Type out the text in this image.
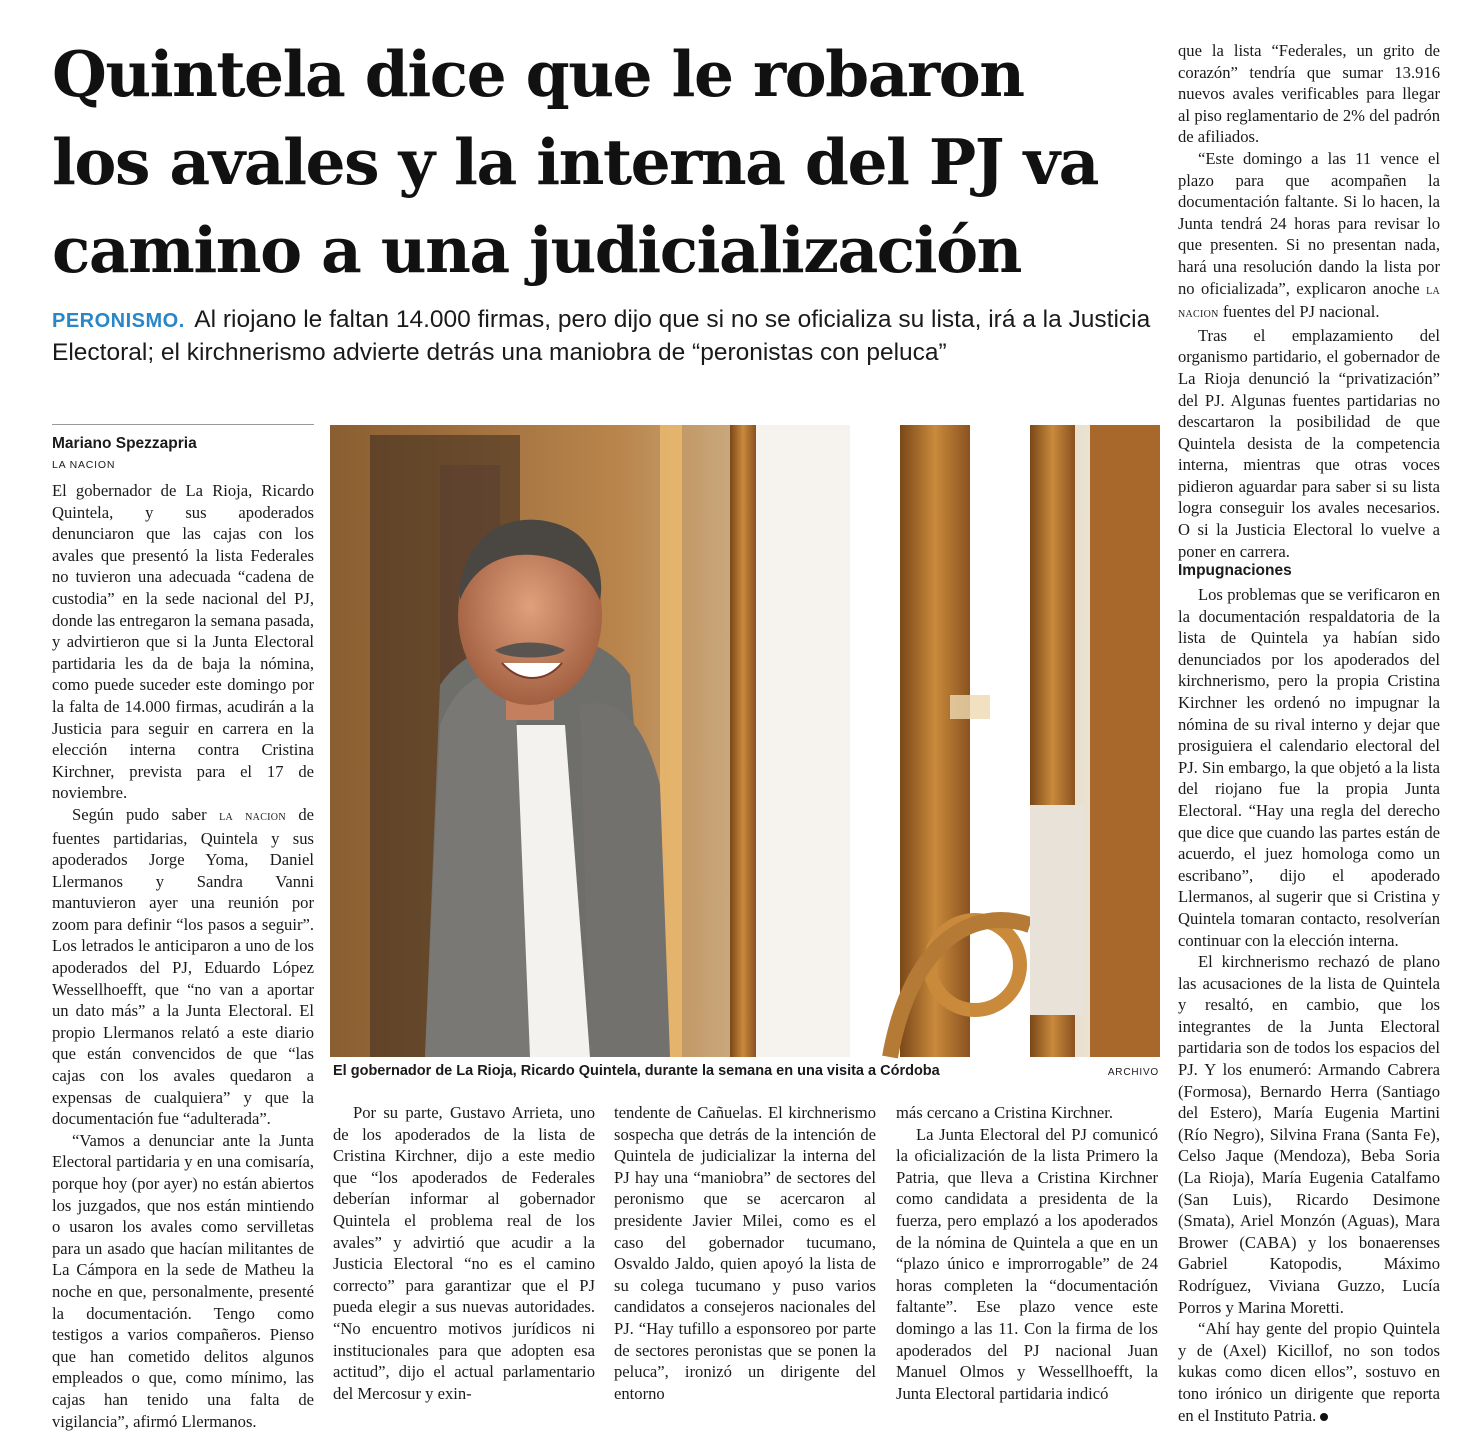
Quintela dice que le robaron
los avales y la interna del PJ va
camino a una judicialización

PERONISMO. Al riojano le faltan 14.000 firmas, pero dijo que si no se oficializa su lista, irá a la Justicia Electoral; el kirchnerismo advierte detrás una maniobra de “peronistas con peluca”

Mariano Spezzapria
LA NACION

El gobernador de La Rioja, Ricardo Quintela, y sus apoderados denunciaron que las cajas con los avales que presentó la lista Federales no tuvieron una adecuada “cadena de custodia” en la sede nacional del PJ, donde las entregaron la semana pasada, y advirtieron que si la Junta Electoral partidaria les da de baja la nómina, como puede suceder este domingo por la falta de 14.000 firmas, acudirán a la Justicia para seguir en carrera en la elección interna contra Cristina Kirchner, prevista para el 17 de noviembre.

Según pudo saber la nacion de fuentes partidarias, Quintela y sus apoderados Jorge Yoma, Daniel Llermanos y Sandra Vanni mantuvieron ayer una reunión por zoom para definir “los pasos a seguir”. Los letrados le anticiparon a uno de los apoderados del PJ, Eduardo López Wessellhoefft, que “no van a aportar un dato más” a la Junta Electoral. El propio Llermanos relató a este diario que están convencidos de que “las cajas con los avales quedaron a expensas de cualquiera” y que la documentación fue “adulterada”.

“Vamos a denunciar ante la Junta Electoral partidaria y en una comisaría, porque hoy (por ayer) no están abiertos los juzgados, que nos están mintiendo o usaron los avales como servilletas para un asado que hacían militantes de La Cámpora en la sede de Matheu la noche en que, personalmente, presenté la documentación. Tengo como testigos a varios compañeros. Pienso que han cometido delitos algunos empleados o que, como mínimo, las cajas han tenido una falta de vigilancia”, afirmó Llermanos.

El gobernador de La Rioja, Ricardo Quintela, durante la semana en una visita a Córdoba	ARCHIVO

Por su parte, Gustavo Arrieta, uno de los apoderados de la lista de Cristina Kirchner, dijo a este medio que “los apoderados de Federales deberían informar al gobernador Quintela el problema real de los avales” y advirtió que acudir a la Justicia Electoral “no es el camino correcto” para garantizar que el PJ pueda elegir a sus nuevas autoridades. “No encuentro motivos jurídicos ni institucionales para que adopten esa actitud”, dijo el actual parlamentario del Mercosur y exin-

tendente de Cañuelas. El kirchnerismo sospecha que detrás de la intención de Quintela de judicializar la interna del PJ hay una “maniobra” de sectores del peronismo que se acercaron al presidente Javier Milei, como es el caso del gobernador tucumano, Osvaldo Jaldo, quien apoyó la lista de su colega tucumano y puso varios candidatos a consejeros nacionales del PJ. “Hay tufillo a esponsoreo por parte de sectores peronistas que se ponen la peluca”, ironizó un dirigente del entorno

más cercano a Cristina Kirchner.

La Junta Electoral del PJ comunicó la oficialización de la lista Primero la Patria, que lleva a Cristina Kirchner como candidata a presidenta de la fuerza, pero emplazó a los apoderados de la nómina de Quintela a que en un “plazo único e improrrogable” de 24 horas completen la “documentación faltante”. Ese plazo vence este domingo a las 11. Con la firma de los apoderados del PJ nacional Juan Manuel Olmos y Wessellhoefft, la Junta Electoral partidaria indicó

que la lista “Federales, un grito de corazón” tendría que sumar 13.916 nuevos avales verificables para llegar al piso reglamentario de 2% del padrón de afiliados.

“Este domingo a las 11 vence el plazo para que acompañen la documentación faltante. Si lo hacen, la Junta tendrá 24 horas para revisar lo que presenten. Si no presentan nada, hará una resolución dando la lista por no oficializada”, explicaron anoche la nacion fuentes del PJ nacional.

Tras el emplazamiento del organismo partidario, el gobernador de La Rioja denunció la “privatización” del PJ. Algunas fuentes partidarias no descartaron la posibilidad de que Quintela desista de la competencia interna, mientras que otras voces pidieron aguardar para saber si su lista logra conseguir los avales necesarios. O si la Justicia Electoral lo vuelve a poner en carrera.

Impugnaciones

Los problemas que se verificaron en la documentación respaldatoria de la lista de Quintela ya habían sido denunciados por los apoderados del kirchnerismo, pero la propia Cristina Kirchner les ordenó no impugnar la nómina de su rival interno y dejar que prosiguiera el calendario electoral del PJ. Sin embargo, la que objetó a la lista del riojano fue la propia Junta Electoral. “Hay una regla del derecho que dice que cuando las partes están de acuerdo, el juez homologa como un escribano”, dijo el apoderado Llermanos, al sugerir que si Cristina y Quintela tomaran contacto, resolverían continuar con la elección interna.

El kirchnerismo rechazó de plano las acusaciones de la lista de Quintela y resaltó, en cambio, que los integrantes de la Junta Electoral partidaria son de todos los espacios del PJ. Y los enumeró: Armando Cabrera (Formosa), Bernardo Herra (Santiago del Estero), María Eugenia Martini (Río Negro), Silvina Frana (Santa Fe), Celso Jaque (Mendoza), Beba Soria (La Rioja), María Eugenia Catalfamo (San Luis), Ricardo Desimone (Smata), Ariel Monzón (Aguas), Mara Brower (CABA) y los bonaerenses Gabriel Katopodis, Máximo Rodríguez, Viviana Guzzo, Lucía Porros y Marina Moretti.

“Ahí hay gente del propio Quintela y de (Axel) Kicillof, no son todos kukas como dicen ellos”, sostuvo en tono irónico un dirigente que reporta en el Instituto Patria.
